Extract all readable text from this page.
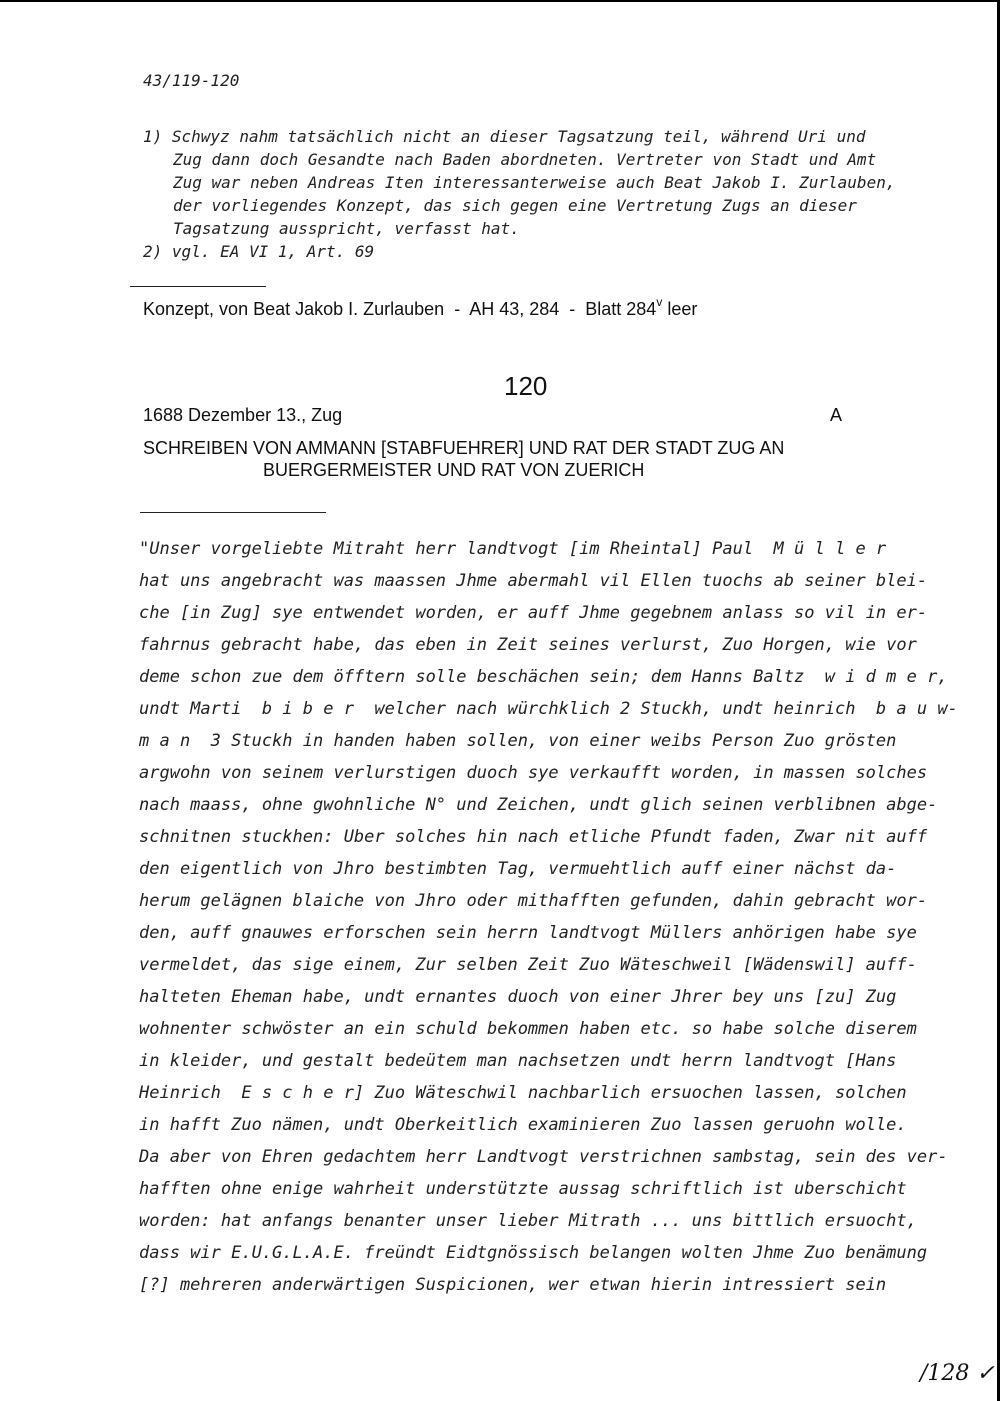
43/119-120
1) Schwyz nahm tatsächlich nicht an dieser Tagsatzung teil, während Uri und
Zug dann doch Gesandte nach Baden abordneten. Vertreter von Stadt und Amt
Zug war neben Andreas Iten interessanterweise auch Beat Jakob I. Zurlauben,
der vorliegendes Konzept, das sich gegen eine Vertretung Zugs an dieser
Tagsatzung ausspricht, verfasst hat.
2) vgl. EA VI 1, Art. 69
Konzept, von Beat Jakob I. Zurlauben  -  AH 43, 284  -  Blatt 284$^v$ leer
120
1688 Dezember 13., Zug	A
SCHREIBEN VON AMMANN [STABFUEHRER] UND RAT DER STADT ZUG AN
BUERGERMEISTER UND RAT VON ZUERICH
"Unser vorgeliebte Mitraht herr landtvogt [im Rheintal] Paul  M ü l l e r
hat uns angebracht was maassen Jhme abermahl vil Ellen tuochs ab seiner blei-
che [in Zug] sye entwendet worden, er auff Jhme gegebnem anlass so vil in er-
fahrnus gebracht habe, das eben in Zeit seines verlurst, Zuo Horgen, wie vor
deme schon zue dem öfftern solle beschächen sein; dem Hanns Baltz  w i d m e r,
undt Marti  b i b e r  welcher nach würchklich 2 Stuckh, undt heinrich  b a u w-
m a n  3 Stuckh in handen haben sollen, von einer weibs Person Zuo grösten
argwohn von seinem verlurstigen duoch sye verkaufft worden, in massen solches
nach maass, ohne gwohnliche N° und Zeichen, undt glich seinen verblibnen abge-
schnitnen stuckhen: Uber solches hin nach etliche Pfundt faden, Zwar nit auff
den eigentlich von Jhro bestimbten Tag, vermuehtlich auff einer nächst da-
herum gelägnen blaiche von Jhro oder mithafften gefunden, dahin gebracht wor-
den, auff gnauwes erforschen sein herrn landtvogt Müllers anhörigen habe sye
vermeldet, das sige einem, Zur selben Zeit Zuo Wäteschweil [Wädenswil] auff-
halteten Eheman habe, undt ernantes duoch von einer Jhrer bey uns [zu] Zug
wohnenter schwöster an ein schuld bekommen haben etc. so habe solche diserem
in kleider, und gestalt bedeütem man nachsetzen undt herrn landtvogt [Hans
Heinrich  E s c h e r] Zuo Wäteschwil nachbarlich ersuochen lassen, solchen
in hafft Zuo nämen, undt Oberkeitlich examinieren Zuo lassen geruohn wolle.
Da aber von Ehren gedachtem herr Landtvogt verstrichnen sambstag, sein des ver-
hafften ohne enige wahrheit understützte aussag schriftlich ist uberschicht
worden: hat anfangs benanter unser lieber Mitrath ... uns bittlich ersuocht,
dass wir E.U.G.L.A.E. freündt Eidtgnössisch belangen wolten Jhme Zuo benämung
[?] mehreren anderwärtigen Suspicionen, wer etwan hierin intressiert sein
/128 ✓
